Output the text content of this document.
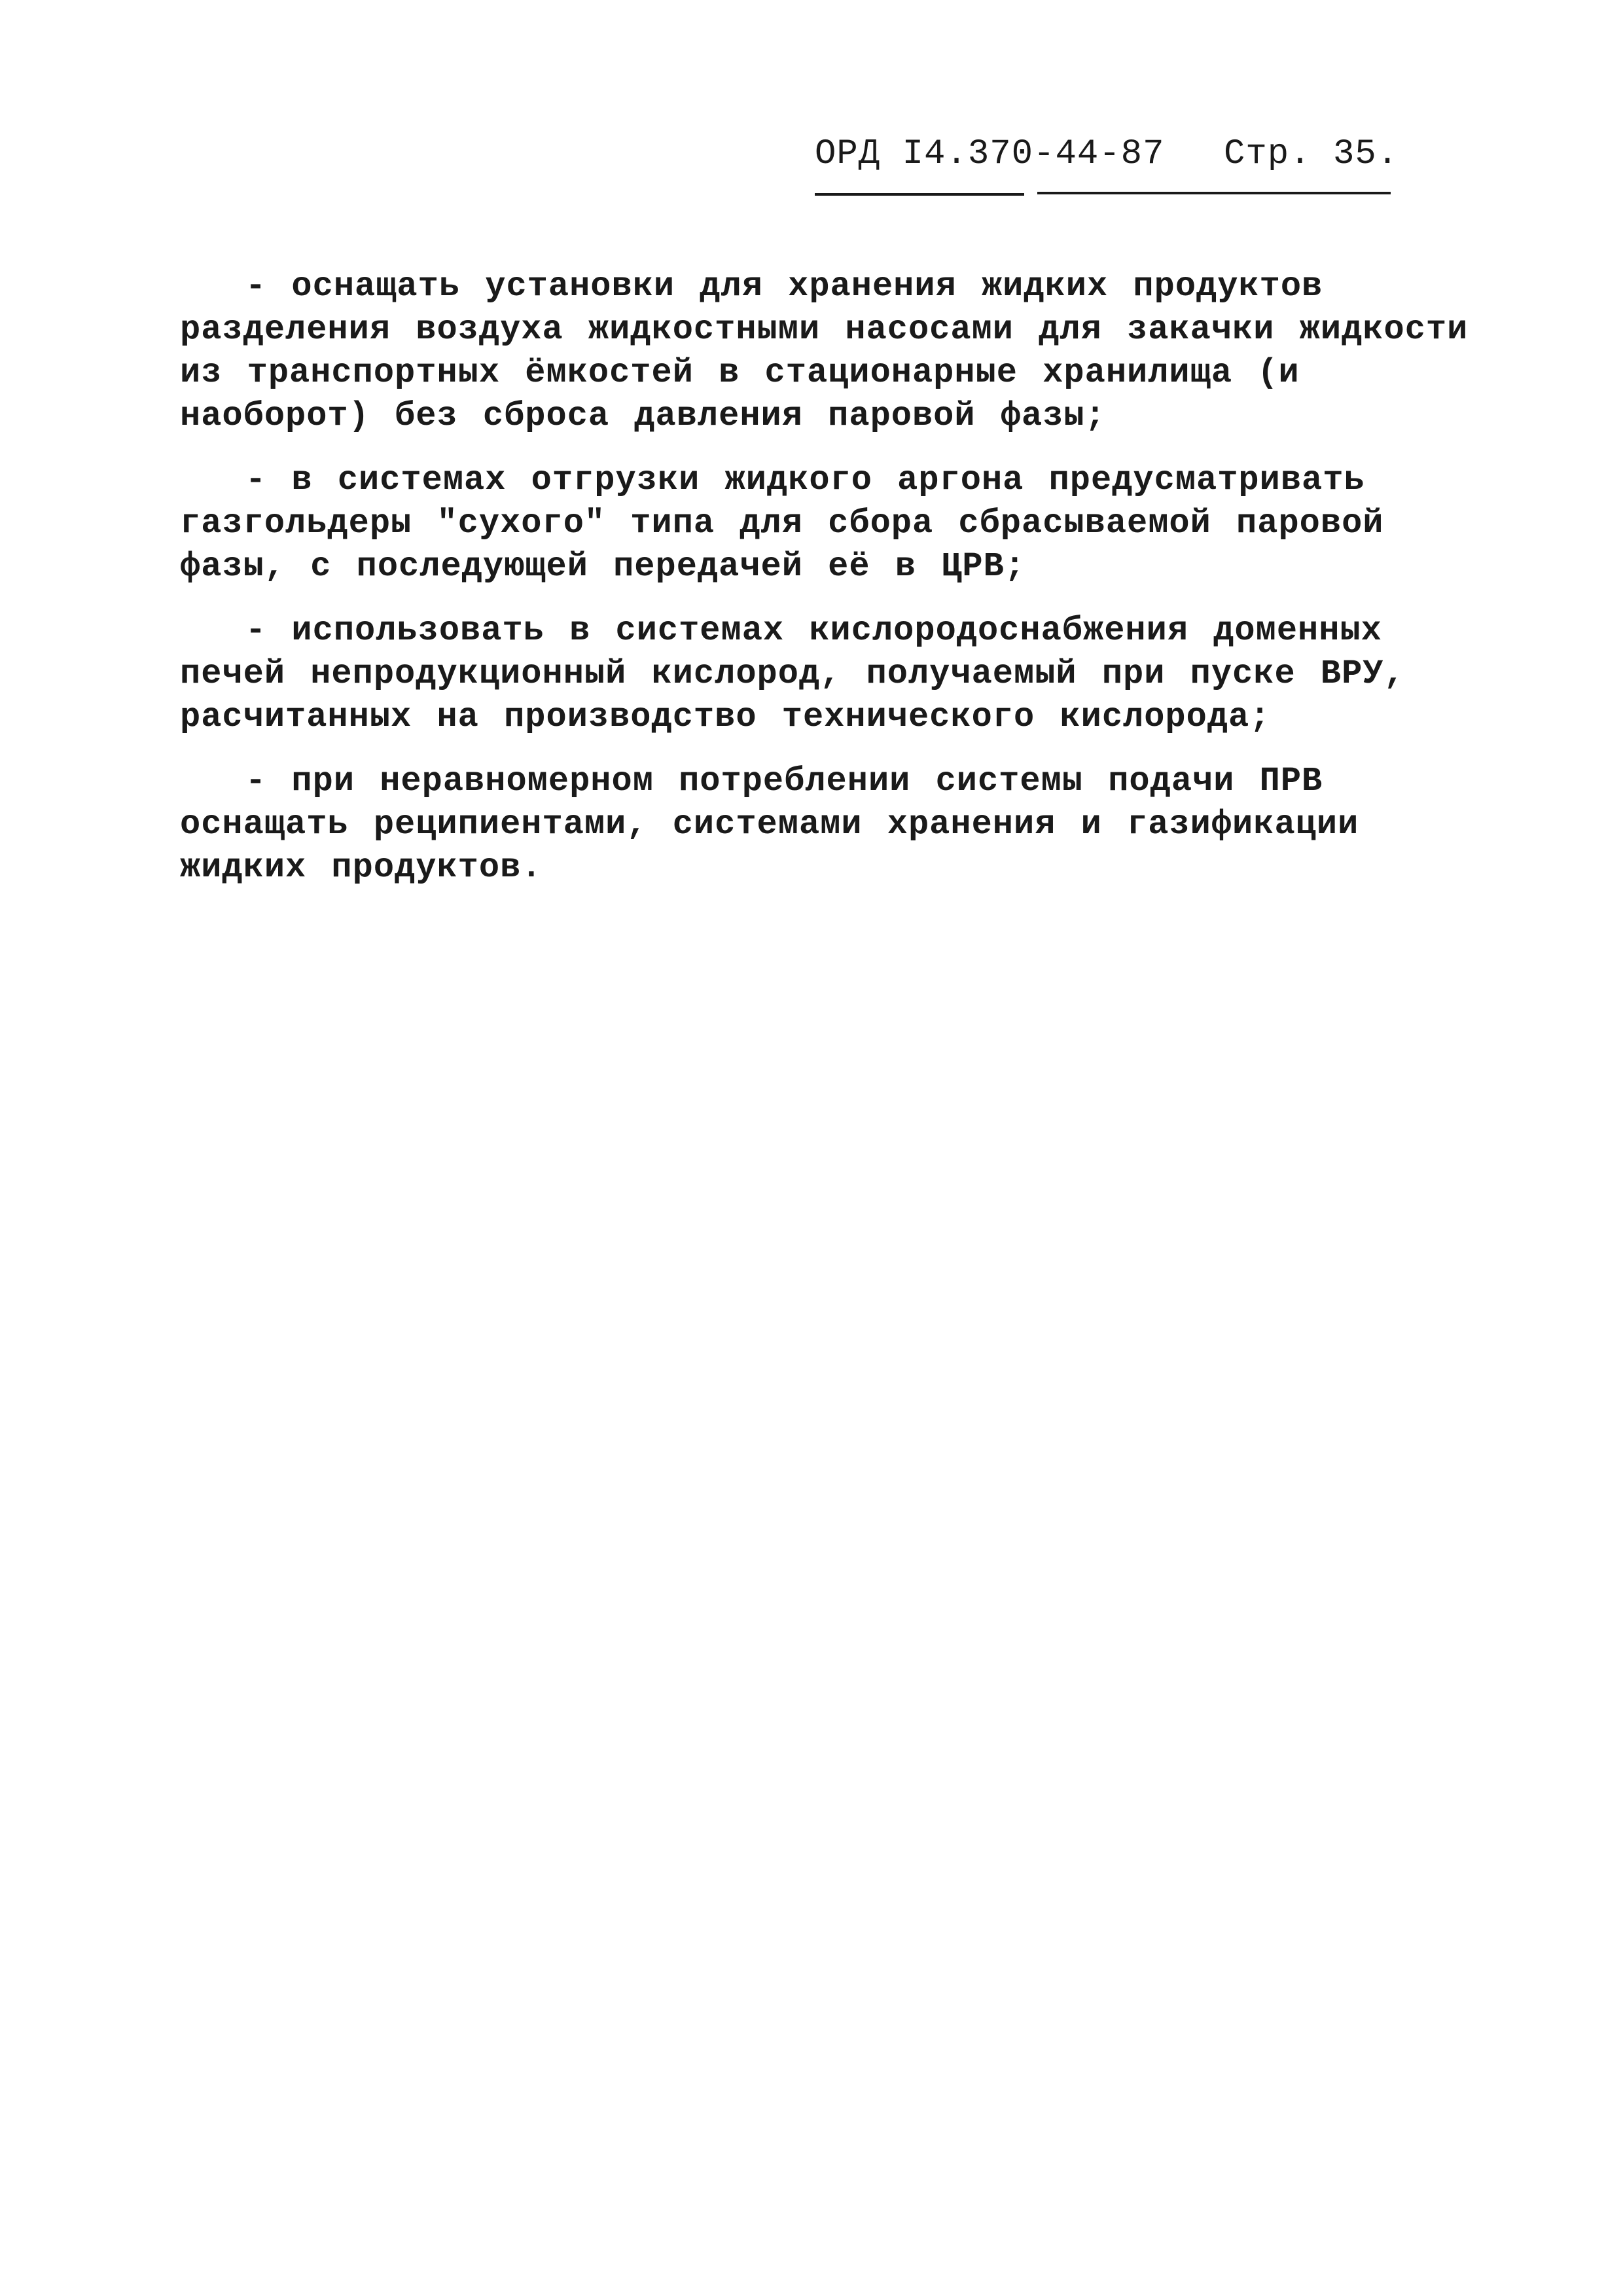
ОРД I4.370-44-87 Стр. 35.

- оснащать установки для хранения жидких продуктов разделения воздуха жидкостными насосами для закачки жидкости из транспортных ёмкостей в стационарные хранилища (и наоборот) без сброса давления паровой фазы;

- в системах отгрузки жидкого аргона предусматривать газгольдеры "сухого" типа для сбора сбрасываемой паровой фазы, с последующей передачей её в ЦРВ;

- использовать в системах кислородоснабжения доменных печей непродукционный кислород, получаемый при пуске ВРУ, расчитанных на производство технического кислорода;

- при неравномерном потреблении системы подачи ПРВ оснащать реципиентами, системами хранения и газификации жидких продуктов.
